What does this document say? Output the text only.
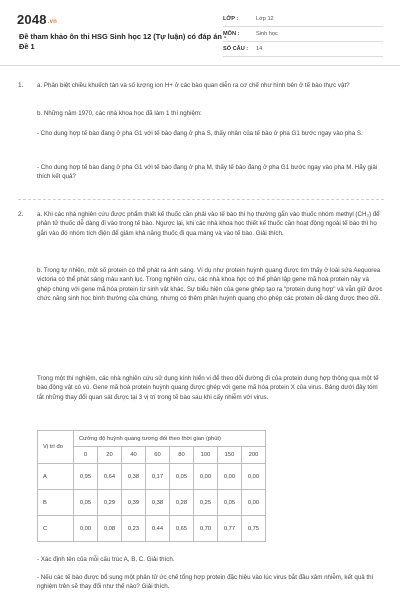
2048.vn
Đề tham khảo ôn thi HSG Sinh học 12 (Tự luận) có đáp án - Đề 1
LỚP :	Lớp 12
MÔN :	Sinh học
SỐ CÂU :	14
1. a. Phân biệt chiều khuếch tán và số lượng ion H+ ở các bào quan diễn ra cơ chế như hình bên ở tế bào thực vật?
b. Những năm 1970, các nhà khoa học đã làm 1 thí nghiệm:
- Cho dung hợp tế bào đang ở pha G1 với tế bào đang ở pha S, thấy nhân của tế bào ở pha G1 bước ngay vào pha S.
- Cho dung hợp tế bào đang ở pha G1 với tế bào đang ở pha M, thấy tế bào đang ở pha G1 bước ngay vào pha M. Hãy giải thích kết quả?
2. a. Khi các nhà nghiên cứu được phẩm thiết kế thuốc cần phải vào tế bào thì họ thường gắn vào thuốc nhóm methyl (CH₃) để phân tử thuốc dễ dàng đi vào trong tế bào. Ngược lại, khi các nhà khoa học thiết kế thuốc cần hoạt động ngoài tế bào thì họ gắn vào đó nhóm tích điện để giảm khả năng thuốc đi qua màng và vào tế bào. Giải thích.
b. Trong tự nhiên, một số protein có thể phát ra ánh sáng. Ví dụ như protein huỳnh quang được tìm thấy ở loài sứa Aequorea victoria có thể phát sáng màu xanh lục. Trong nghiên cứu, các nhà khoa học có thể phân lập gene mã hoá protein này và ghép chúng với gene mã hóa protein từ sinh vật khác. Sự biểu hiện của gene ghép tạo ra "protein dung hợp" và vẫn giữ được chức năng sinh học bình thường của chúng, nhưng có thêm phần huỳnh quang cho phép các protein dễ dàng được theo dõi.
Trong một thí nghiệm, các nhà nghiên cứu sử dụng kính hiển vi để theo dõi đường đi của protein dung hợp thông qua một tế bào động vật có vú. Gene mã hoá protein huỳnh quang được ghép với gene mã hóa protein X của virus. Bảng dưới đây tóm tắt những thay đổi quan sát được tại 3 vị trí trong tế bào sau khi cấy nhiễm với virus.
Vị trí đo	Cường độ huỳnh quang tương đối theo thời gian (phút)							
	0	20	40	60	80	100	150	200
A	0,95	0,64	0,38	0,17	0,05	0,00	0,00	0,00
B	0,05	0,29	0,39	0,38	0,28	0,25	0,05	0,00
C	0,00	0,08	0,23	0,44	0,65	0,70	0,77	0,75
- Xác định tên của mỗi cấu trúc A, B, C. Giải thích.
- Nếu các tế bào được bổ sung một phân tử ức chế tổng hợp protein đặc hiệu vào lúc virus bắt đầu xâm nhiễm, kết quả thí nghiệm trên sẽ thay đổi như thế nào? Giải thích.
